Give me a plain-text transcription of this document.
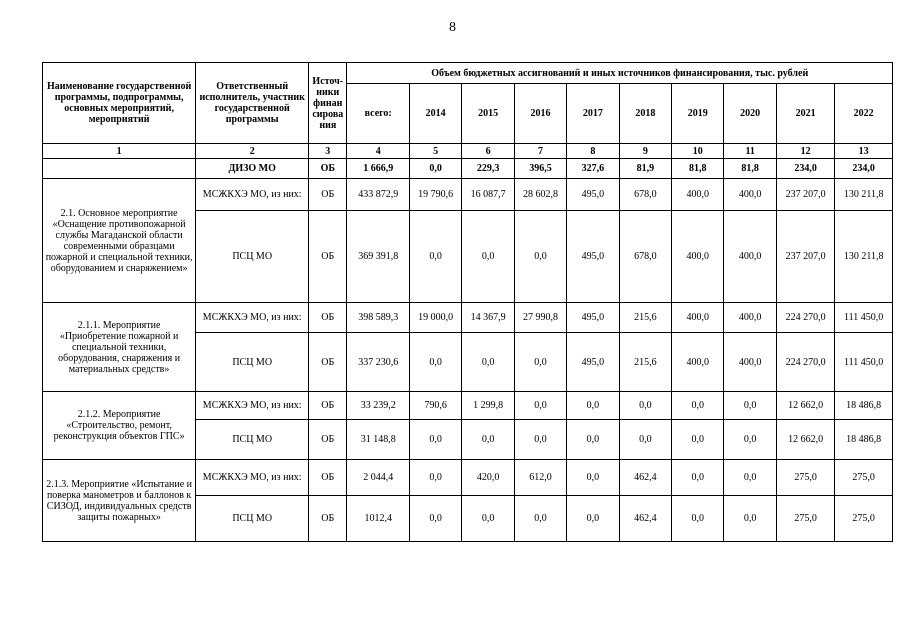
8
Наименование государственной программы, подпрограммы, основных мероприятий, мероприятий	Ответственный исполнитель, участник государственной программы	Источ-ники финан сирова ния	Объем бюджетных ассигнований и иных источников финансирования, тыс. рублей									
			всего:	2014	2015	2016	2017	2018	2019	2020	2021	2022
1	2	3	4	5	6	7	8	9	10	11	12	13
	ДИЗО МО	ОБ	1 666,9	0,0	229,3	396,5	327,6	81,9	81,8	81,8	234,0	234,0
2.1. Основное мероприятие «Оснащение противопожарной службы Магаданской области современными образцами пожарной и специальной техники, оборудованием и снаряжением»	МСЖКХЭ МО, из них:	ОБ	433 872,9	19 790,6	16 087,7	28 602,8	495,0	678,0	400,0	400,0	237 207,0	130 211,8
	ПСЦ МО	ОБ	369 391,8	0,0	0,0	0,0	495,0	678,0	400,0	400,0	237 207,0	130 211,8
2.1.1. Мероприятие «Приобретение пожарной и специальной техники, оборудования, снаряжения и материальных средств»	МСЖКХЭ МО, из них:	ОБ	398 589,3	19 000,0	14 367,9	27 990,8	495,0	215,6	400,0	400,0	224 270,0	111 450,0
	ПСЦ МО	ОБ	337 230,6	0,0	0,0	0,0	495,0	215,6	400,0	400,0	224 270,0	111 450,0
2.1.2. Мероприятие «Строительство, ремонт, реконструкция объектов ГПС»	МСЖКХЭ МО, из них:	ОБ	33 239,2	790,6	1 299,8	0,0	0,0	0,0	0,0	0,0	12 662,0	18 486,8
	ПСЦ МО	ОБ	31 148,8	0,0	0,0	0,0	0,0	0,0	0,0	0,0	12 662,0	18 486,8
2.1.3. Мероприятие «Испытание и поверка манометров и баллонов к СИЗОД, индивидуальных средств защиты пожарных»	МСЖКХЭ МО, из них:	ОБ	2 044,4	0,0	420,0	612,0	0,0	462,4	0,0	0,0	275,0	275,0
	ПСЦ МО	ОБ	1012,4	0,0	0,0	0,0	0,0	462,4	0,0	0,0	275,0	275,0
